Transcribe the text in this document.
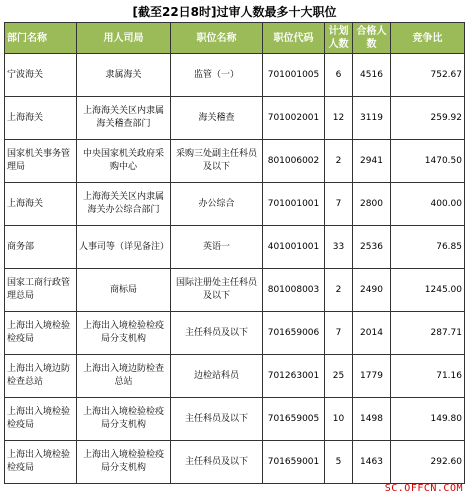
[截至22日8时]过审人数最多十大职位
部门名称	用人司局	职位名称	职位代码	计划人数	合格人数	竞争比
宁波海关	隶属海关	监管（一）	701001005	6	4516	752.67
上海海关	上海海关关区内隶属海关稽查部门	海关稽查	701002001	12	3119	259.92
国家机关事务管理局	中央国家机关政府采购中心	采购三处副主任科员及以下	801006002	2	2941	1470.50
上海海关	上海海关关区内隶属海关办公综合部门	办公综合	701001001	7	2800	400.00
商务部	人事司等（详见备注）	英语一	401001001	33	2536	76.85
国家工商行政管理总局	商标局	国际注册处主任科员及以下	801008003	2	2490	1245.00
上海出入境检验检疫局	上海出入境检验检疫局分支机构	主任科员及以下	701659006	7	2014	287.71
上海出入境边防检查总站	上海出入境边防检查总站	边检站科员	701263001	25	1779	71.16
上海出入境检验检疫局	上海出入境检验检疫局分支机构	主任科员及以下	701659005	10	1498	149.80
上海出入境检验检疫局	上海出入境检验检疫局分支机构	主任科员及以下	701659001	5	1463	292.60
SC.OFFCN.COM
